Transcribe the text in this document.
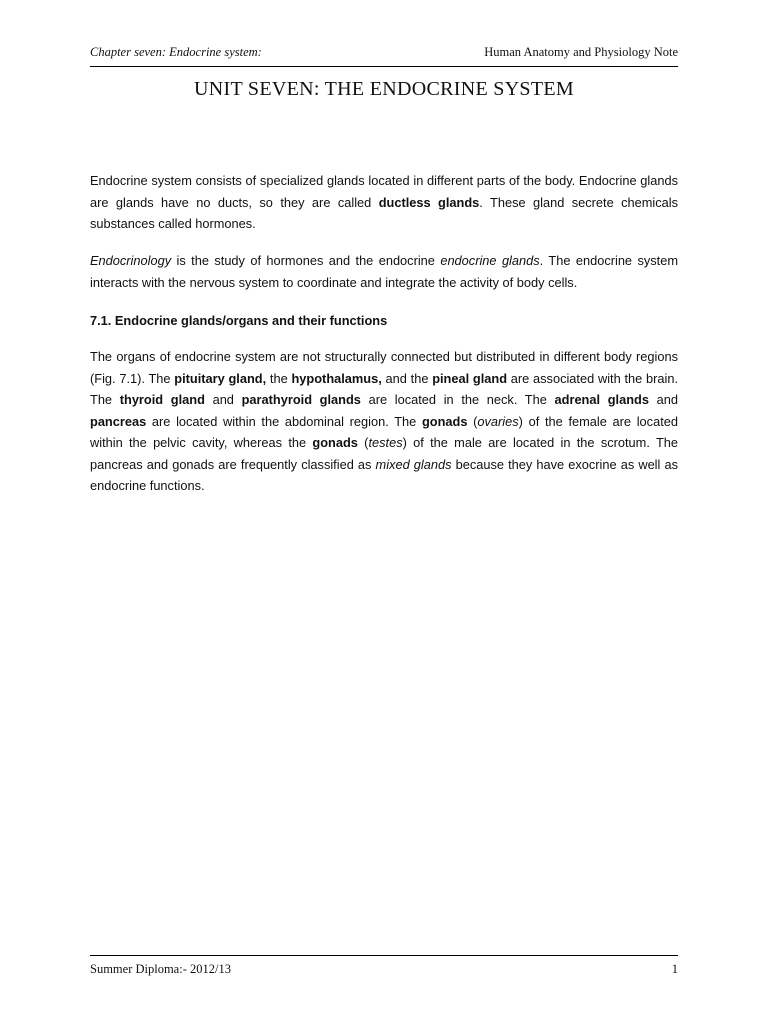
Chapter seven: Endocrine system:	Human Anatomy and Physiology Note
UNIT SEVEN: THE ENDOCRINE SYSTEM

Endocrine system consists of specialized glands located in different parts of the body. Endocrine glands are glands have no ducts, so they are called ductless glands. These gland secrete chemicals substances called hormones.

Endocrinology is the study of hormones and the endocrine endocrine glands. The endocrine system interacts with the nervous system to coordinate and integrate the activity of body cells.

7.1. Endocrine glands/organs and their functions

The organs of endocrine system are not structurally connected but distributed in different body regions (Fig. 7.1). The pituitary gland, the hypothalamus, and the pineal gland are associated with the brain. The thyroid gland and parathyroid glands are located in the neck. The adrenal glands and pancreas are located within the abdominal region. The gonads (ovaries) of the female are located within the pelvic cavity, whereas the gonads (testes) of the male are located in the scrotum. The pancreas and gonads are frequently classified as mixed glands because they have exocrine as well as endocrine functions.

Summer Diploma:- 2012/13	1
